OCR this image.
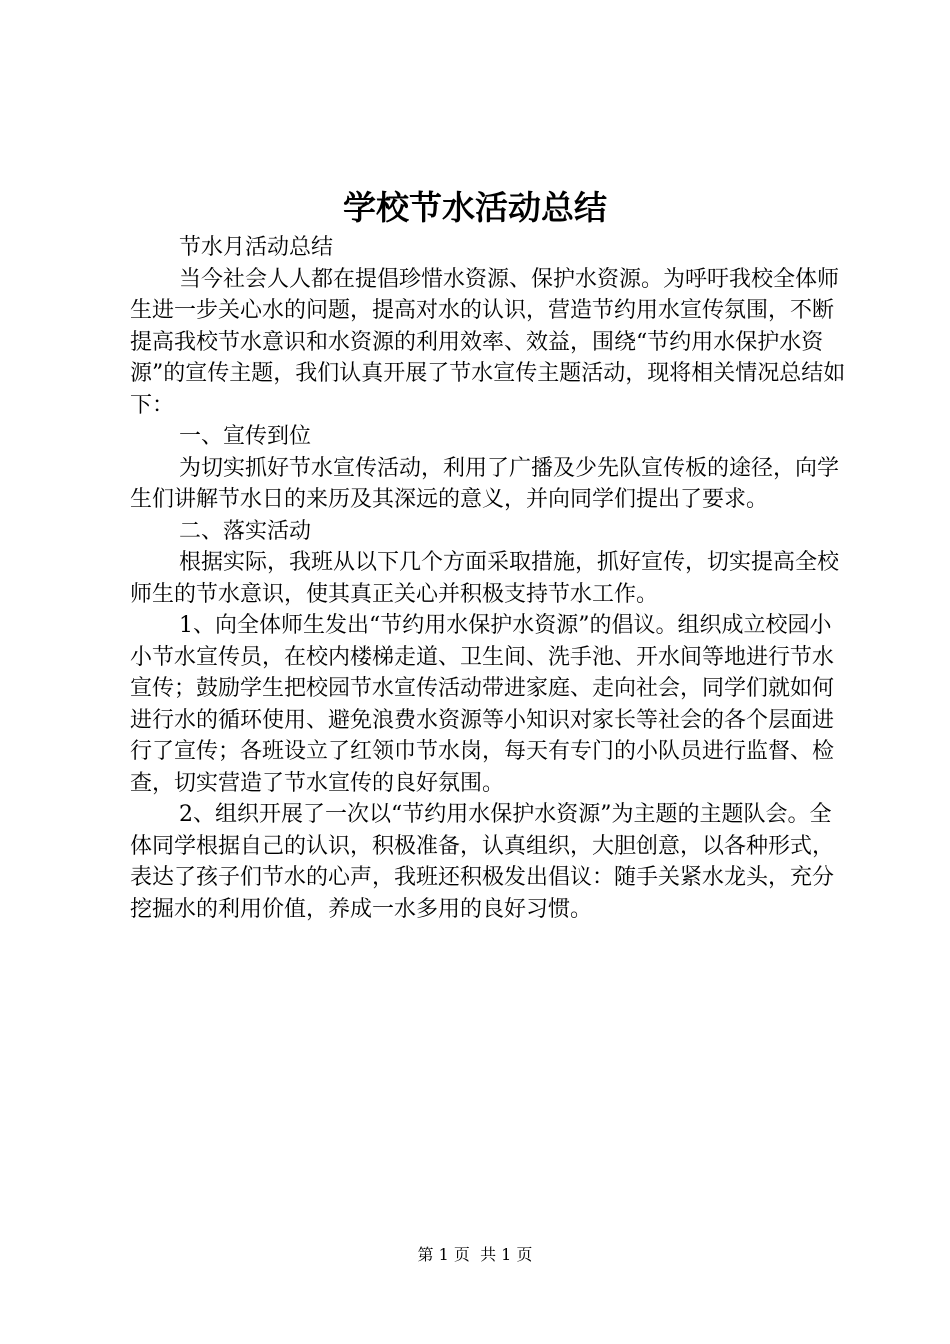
学校节水活动总结

节水月活动总结

当今社会人人都在提倡珍惜水资源、保护水资源。为呼吁我校全体师生进一步关心水的问题，提高对水的认识，营造节约用水宣传氛围，不断提高我校节水意识和水资源的利用效率、效益，围绕“节约用水保护水资源”的宣传主题，我们认真开展了节水宣传主题活动，现将相关情况总结如下：

一、宣传到位

为切实抓好节水宣传活动，利用了广播及少先队宣传板的途径，向学生们讲解节水日的来历及其深远的意义，并向同学们提出了要求。

二、落实活动

根据实际，我班从以下几个方面采取措施，抓好宣传，切实提高全校师生的节水意识，使其真正关心并积极支持节水工作。

1、向全体师生发出“节约用水保护水资源”的倡议。组织成立校园小小节水宣传员，在校内楼梯走道、卫生间、洗手池、开水间等地进行节水宣传；鼓励学生把校园节水宣传活动带进家庭、走向社会，同学们就如何进行水的循环使用、避免浪费水资源等小知识对家长等社会的各个层面进行了宣传；各班设立了红领巾节水岗，每天有专门的小队员进行监督、检查，切实营造了节水宣传的良好氛围。

2、组织开展了一次以“节约用水保护水资源”为主题的主题队会。全体同学根据自己的认识，积极准备，认真组织，大胆创意，以各种形式，表达了孩子们节水的心声，我班还积极发出倡议：随手关紧水龙头，充分挖掘水的利用价值，养成一水多用的良好习惯。

第 1 页  共 1 页
